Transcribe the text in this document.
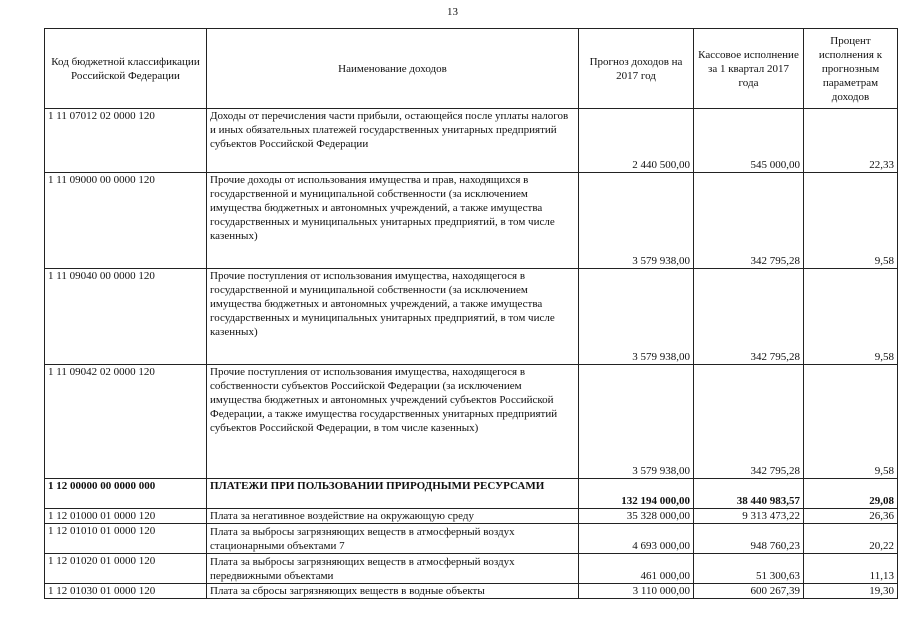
13
Код бюджетной классификации Российской Федерации	Наименование доходов	Прогноз доходов на 2017 год	Кассовое исполнение за 1 квартал 2017 года	Процент исполнения к прогнозным параметрам доходов
1 11 07012 02 0000 120	Доходы от перечисления части прибыли, остающейся после уплаты налогов и иных обязательных платежей государственных унитарных предприятий субъектов Российской Федерации	2 440 500,00	545 000,00	22,33
1 11 09000 00 0000 120	Прочие доходы от использования имущества и прав, находящихся в государственной и муниципальной собственности (за исключением имущества бюджетных и автономных учреждений, а также имущества государственных и муниципальных унитарных предприятий, в том числе казенных)	3 579 938,00	342 795,28	9,58
1 11 09040 00 0000 120	Прочие поступления от использования имущества, находящегося в государственной и муниципальной собственности (за исключением имущества бюджетных и автономных учреждений, а также имущества государственных и муниципальных унитарных предприятий, в том числе казенных)	3 579 938,00	342 795,28	9,58
1 11 09042 02 0000 120	Прочие поступления от использования имущества, находящегося в собственности субъектов Российской Федерации (за исключением имущества бюджетных и автономных учреждений субъектов Российской Федерации, а также имущества государственных унитарных предприятий субъектов Российской Федерации, в том числе казенных)	3 579 938,00	342 795,28	9,58
1 12 00000 00 0000 000	ПЛАТЕЖИ ПРИ ПОЛЬЗОВАНИИ ПРИРОДНЫМИ РЕСУРСАМИ	132 194 000,00	38 440 983,57	29,08
1 12 01000 01 0000 120	Плата за негативное воздействие на окружающую среду	35 328 000,00	9 313 473,22	26,36
1 12 01010 01 0000 120	Плата за выбросы загрязняющих веществ в атмосферный воздух стационарными объектами 7	4 693 000,00	948 760,23	20,22
1 12 01020 01 0000 120	Плата за выбросы загрязняющих веществ в атмосферный воздух передвижными объектами	461 000,00	51 300,63	11,13
1 12 01030 01 0000 120	Плата за сбросы загрязняющих веществ в водные объекты	3 110 000,00	600 267,39	19,30
